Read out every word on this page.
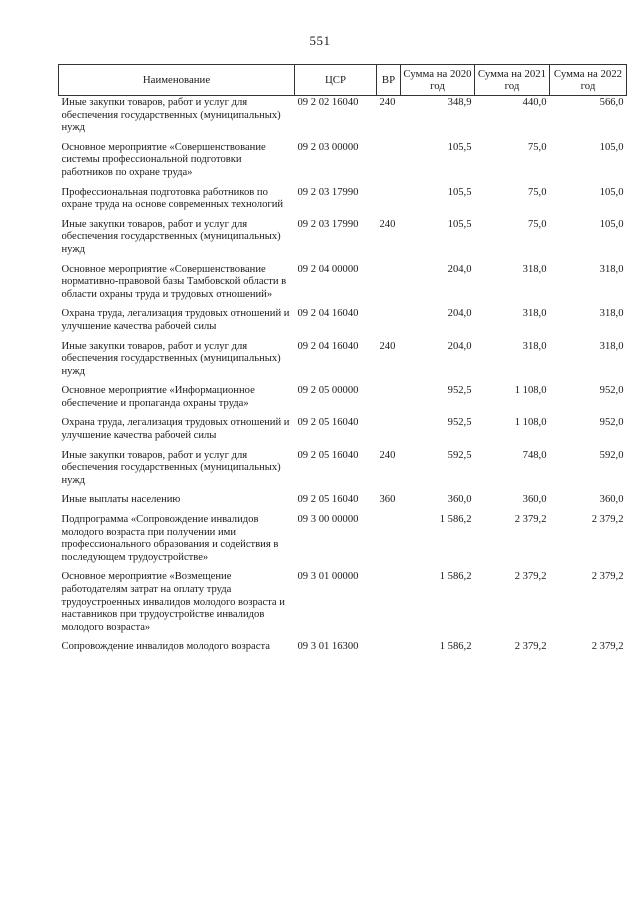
551
Наименование	ЦСР	ВР	Сумма на 2020 год	Сумма на 2021 год	Сумма на 2022 год
Иные закупки товаров, работ и услуг для обеспечения государственных (муниципальных) нужд	09 2 02 16040	240	348,9	440,0	566,0
Основное мероприятие «Совершенствование системы профессиональной подготовки работников по охране труда»	09 2 03 00000		105,5	75,0	105,0
Профессиональная подготовка работников по охране труда на основе современных технологий	09 2 03 17990		105,5	75,0	105,0
Иные закупки товаров, работ и услуг для обеспечения государственных (муниципальных) нужд	09 2 03 17990	240	105,5	75,0	105,0
Основное мероприятие «Совершенствование нормативно-правовой базы Тамбовской области в области охраны труда и трудовых отношений»	09 2 04 00000		204,0	318,0	318,0
Охрана труда, легализация трудовых отношений и улучшение качества рабочей силы	09 2 04 16040		204,0	318,0	318,0
Иные закупки товаров, работ и услуг для обеспечения государственных (муниципальных) нужд	09 2 04 16040	240	204,0	318,0	318,0
Основное мероприятие «Информационное обеспечение и пропаганда охраны труда»	09 2 05 00000		952,5	1 108,0	952,0
Охрана труда, легализация трудовых отношений и улучшение качества рабочей силы	09 2 05 16040		952,5	1 108,0	952,0
Иные закупки товаров, работ и услуг для обеспечения государственных (муниципальных) нужд	09 2 05 16040	240	592,5	748,0	592,0
Иные выплаты населению	09 2 05 16040	360	360,0	360,0	360,0
Подпрограмма «Сопровождение инвалидов молодого возраста при получении ими профессионального образования и содействия в последующем трудоустройстве»	09 3 00 00000		1 586,2	2 379,2	2 379,2
Основное мероприятие «Возмещение работодателям затрат на оплату труда трудоустроенных инвалидов молодого возраста и наставников при трудоустройстве инвалидов молодого возраста»	09 3 01 00000		1 586,2	2 379,2	2 379,2
Сопровождение инвалидов молодого возраста	09 3 01 16300		1 586,2	2 379,2	2 379,2
